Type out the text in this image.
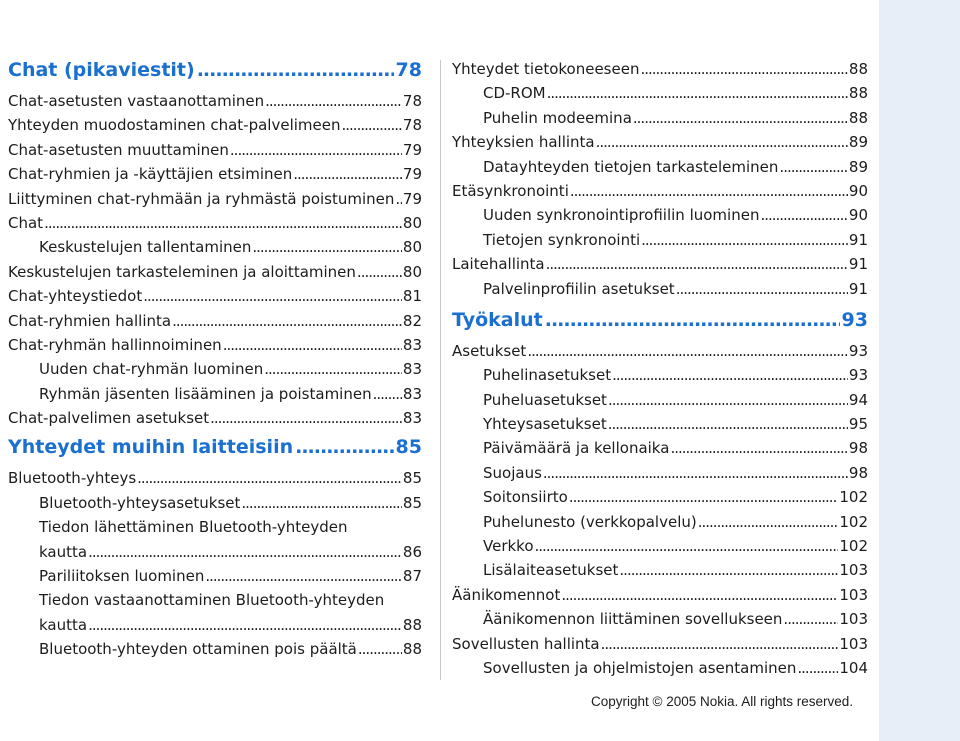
Chat (pikaviestit) .....	78
Chat-asetusten vastaanottaminen .....	78
Yhteyden muodostaminen chat-palvelimeen .....	78
Chat-asetusten muuttaminen .....	79
Chat-ryhmien ja -käyttäjien etsiminen .....	79
Liittyminen chat-ryhmään ja ryhmästä poistuminen ..... 79
Chat .....	80
Keskustelujen tallentaminen .....	80
Keskustelujen tarkasteleminen ja aloittaminen .....	80
Chat-yhteystiedot .....	81
Chat-ryhmien hallinta .....	82
Chat-ryhmän hallinnoiminen .....	83
Uuden chat-ryhmän luominen .....	83
Ryhmän jäsenten lisääminen ja poistaminen ..... 83
Chat-palvelimen asetukset .....	83
Yhteydet muihin laitteisiin .....	85
Bluetooth-yhteys .....	85
Bluetooth-yhteysasetukset .....	85
Tiedon lähettäminen Bluetooth-yhteyden
kautta .....	86
Pariliitoksen luominen .....	87
Tiedon vastaanottaminen Bluetooth-yhteyden
kautta .....	88
Bluetooth-yhteyden ottaminen pois päältä .....	88
Yhteydet tietokoneeseen .....	88
CD-ROM .....	88
Puhelin modeemina .....	88
Yhteyksien hallinta .....	89
Datayhteyden tietojen tarkasteleminen .....	89
Etäsynkronointi .....	90
Uuden synkronointiprofiilin luominen .....	90
Tietojen synkronointi .....	91
Laitehallinta .....	91
Palvelinprofiilin asetukset .....	91
Työkalut .....	93
Asetukset .....	93
Puhelinasetukset .....	93
Puheluasetukset .....	94
Yhteysasetukset .....	95
Päivämäärä ja kellonaika .....	98
Suojaus .....	98
Soitonsiirto .....	102
Puhelunesto (verkkopalvelu) .....	102
Verkko .....	102
Lisälaiteasetukset .....	103
Äänikomennot .....	103
Äänikomennon liittäminen sovellukseen .....	103
Sovellusten hallinta .....	103
Sovellusten ja ohjelmistojen asentaminen .....	104
Copyright © 2005 Nokia. All rights reserved.
